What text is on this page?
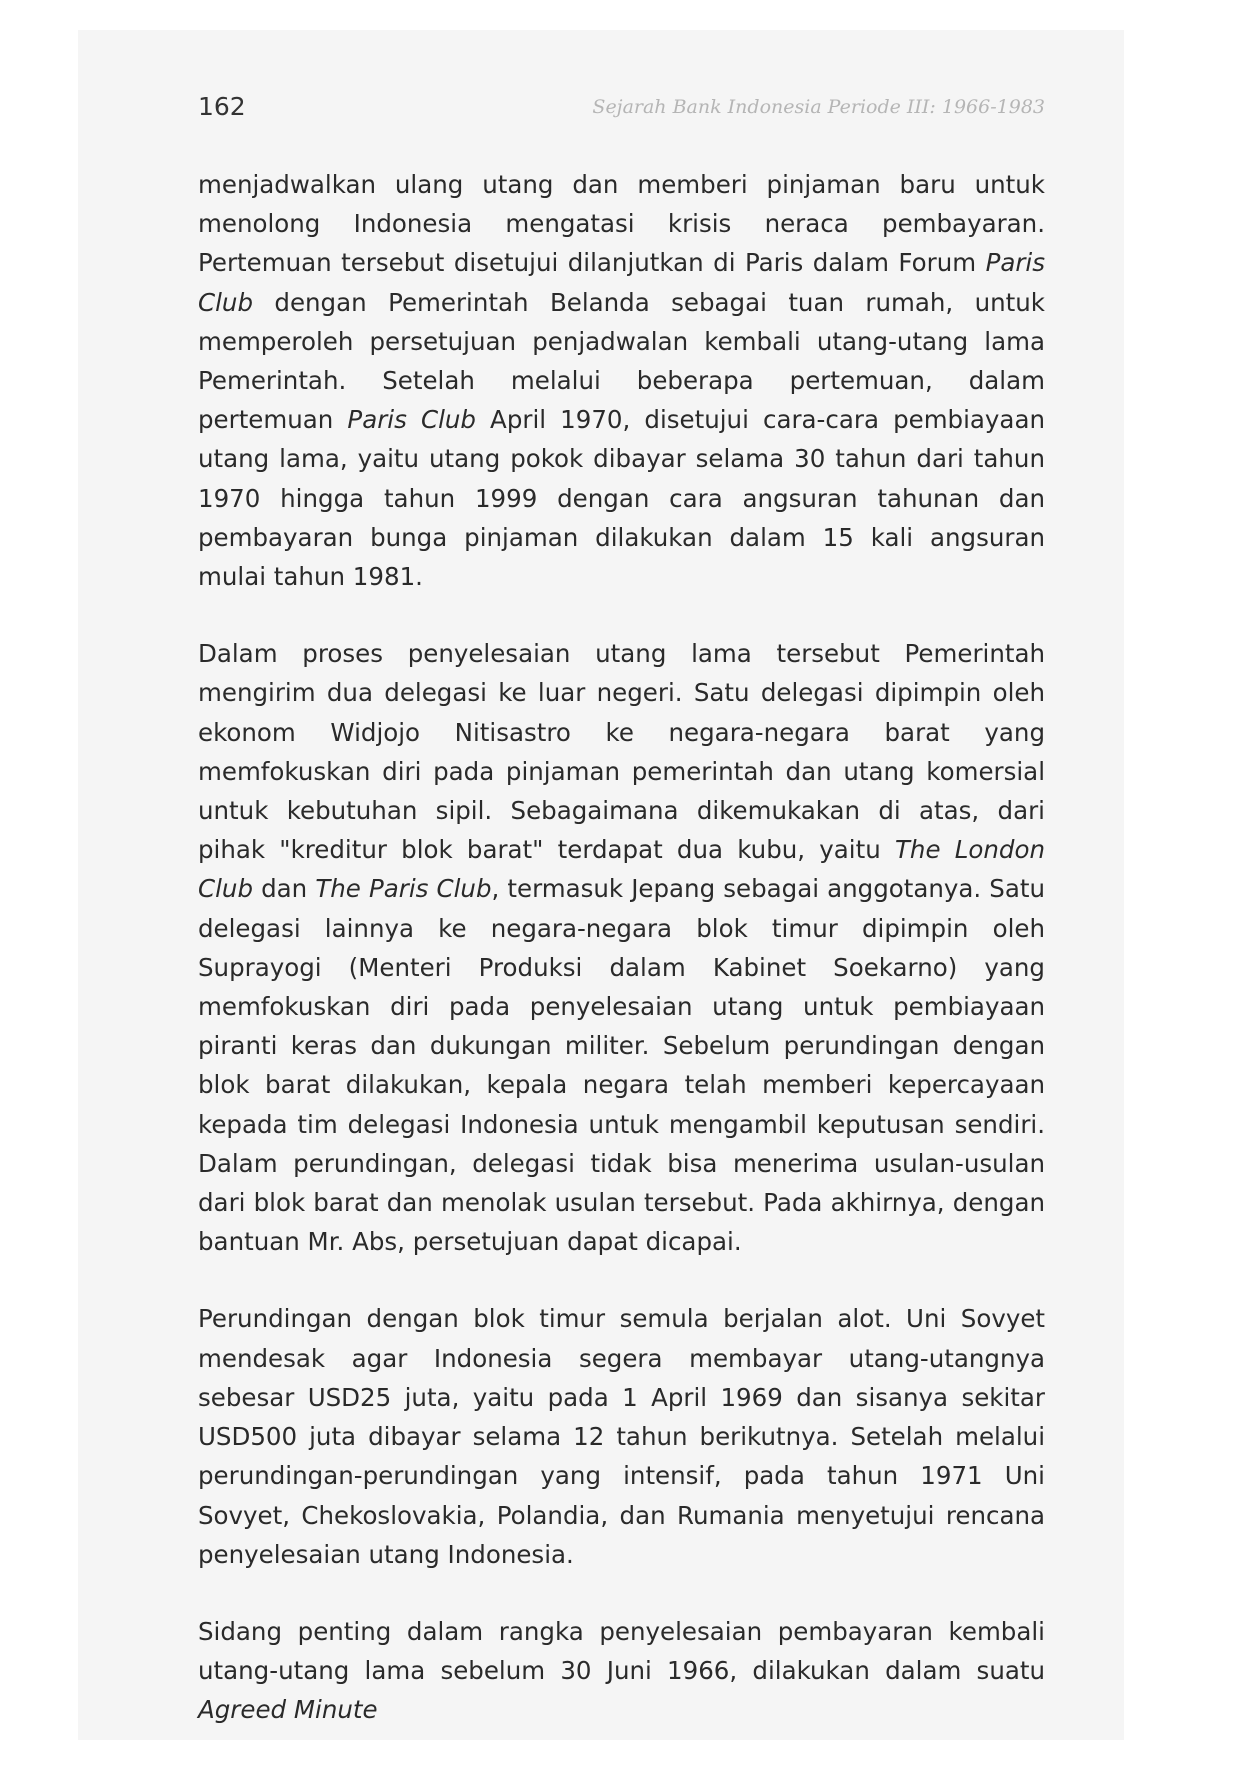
162	Sejarah Bank Indonesia Periode III: 1966-1983

menjadwalkan ulang utang dan memberi pinjaman baru untuk menolong Indonesia mengatasi krisis neraca pembayaran. Pertemuan tersebut disetujui dilanjutkan di Paris dalam Forum Paris Club dengan Pemerintah Belanda sebagai tuan rumah, untuk memperoleh persetujuan penjadwalan kembali utang-utang lama Pemerintah. Setelah melalui beberapa pertemuan, dalam pertemuan Paris Club April 1970, disetujui cara-cara pembiayaan utang lama, yaitu utang pokok dibayar selama 30 tahun dari tahun 1970 hingga tahun 1999 dengan cara angsuran tahunan dan pembayaran bunga pinjaman dilakukan dalam 15 kali angsuran mulai tahun 1981.

Dalam proses penyelesaian utang lama tersebut Pemerintah mengirim dua delegasi ke luar negeri. Satu delegasi dipimpin oleh ekonom Widjojo Nitisastro ke negara-negara barat yang memfokuskan diri pada pinjaman pemerintah dan utang komersial untuk kebutuhan sipil. Sebagaimana dikemukakan di atas, dari pihak "kreditur blok barat" terdapat dua kubu, yaitu The London Club dan The Paris Club, termasuk Jepang sebagai anggotanya. Satu delegasi lainnya ke negara-negara blok timur dipimpin oleh Suprayogi (Menteri Produksi dalam Kabinet Soekarno) yang memfokuskan diri pada penyelesaian utang untuk pembiayaan piranti keras dan dukungan militer. Sebelum perundingan dengan blok barat dilakukan, kepala negara telah memberi kepercayaan kepada tim delegasi Indonesia untuk mengambil keputusan sendiri. Dalam perundingan, delegasi tidak bisa menerima usulan-usulan dari blok barat dan menolak usulan tersebut. Pada akhirnya, dengan bantuan Mr. Abs, persetujuan dapat dicapai.

Perundingan dengan blok timur semula berjalan alot. Uni Sovyet mendesak agar Indonesia segera membayar utang-utangnya sebesar USD25 juta, yaitu pada 1 April 1969 dan sisanya sekitar USD500 juta dibayar selama 12 tahun berikutnya. Setelah melalui perundingan-perundingan yang intensif, pada tahun 1971 Uni Sovyet, Chekoslovakia, Polandia, dan Rumania menyetujui rencana penyelesaian utang Indonesia.

Sidang penting dalam rangka penyelesaian pembayaran kembali utang-utang lama sebelum 30 Juni 1966, dilakukan dalam suatu Agreed Minute
